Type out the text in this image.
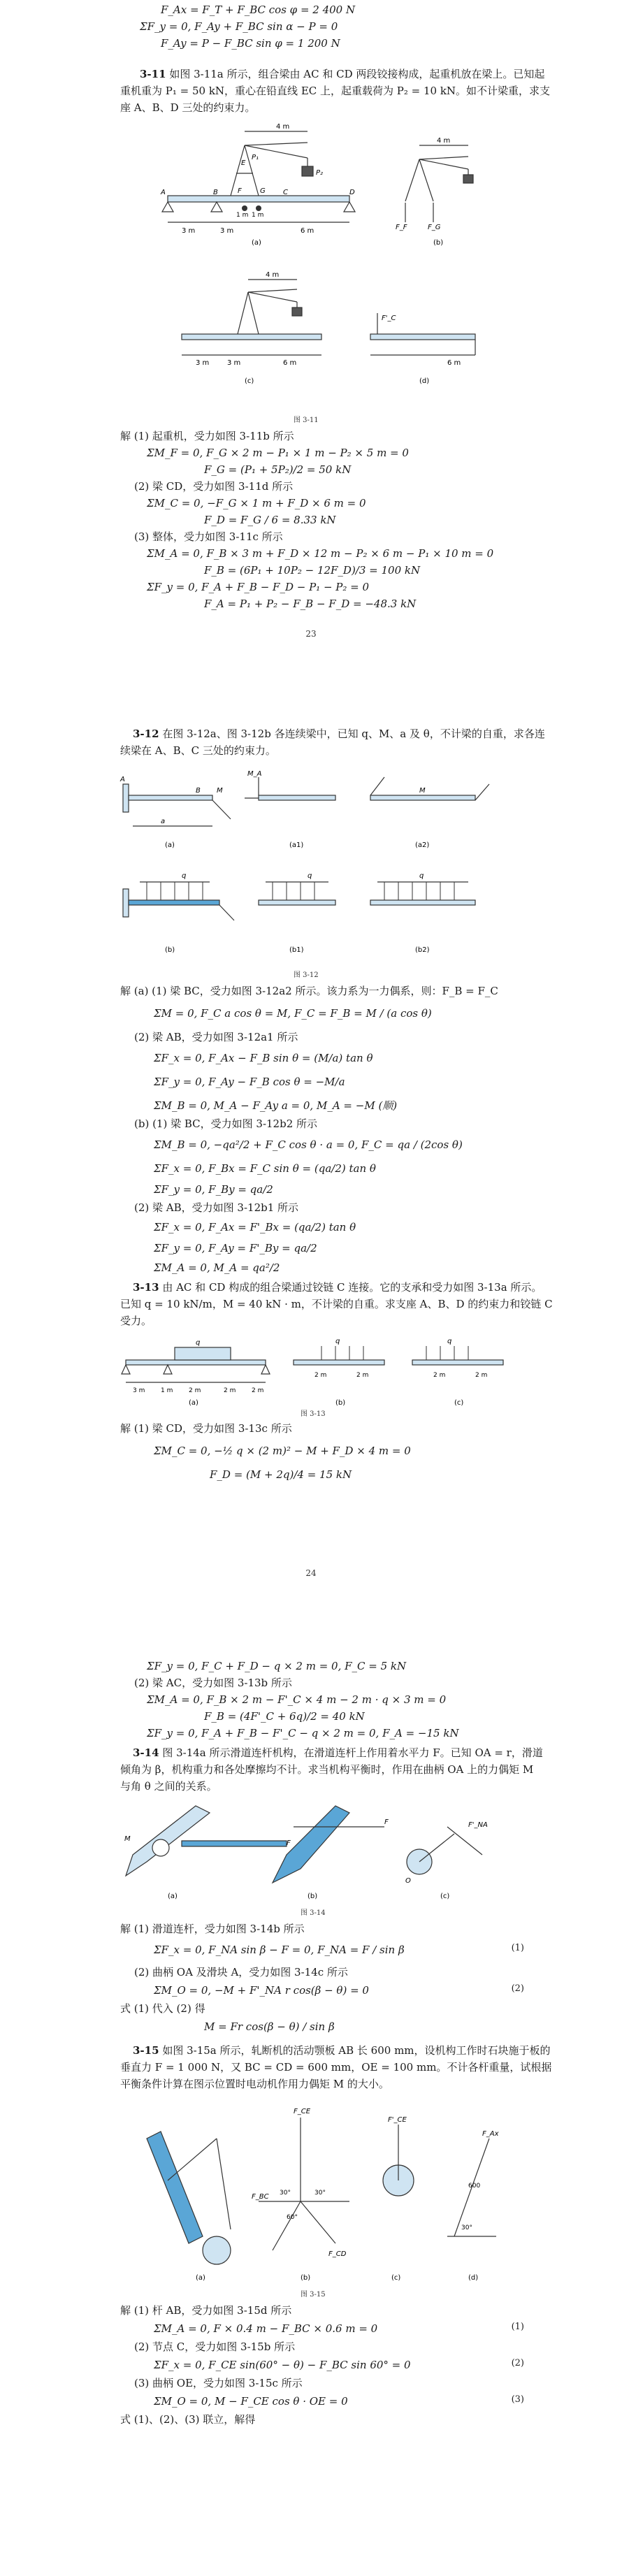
F_Ax = F_T + F_BC cos φ = 2 400 N
ΣF_y = 0, F_Ay + F_BC sin α − P = 0
F_Ay = P − F_BC sin φ = 1 200 N
3-11 如图 3-11a 所示，组合梁由 AC 和 CD 两段铰接构成，起重机放在梁上。已知起
重机重为 P₁ = 50 kN，重心在铅直线 EC 上，起重载荷为 P₂ = 10 kN。如不计梁重，求支
座 A、B、D 三处的约束力。
4 m
3 m	3 m	6 m
1 m 1 m
A	B	C	D
E
F	G
P₂
P₁
(a)
4 m
F_F	F_G
(b)
4 m
3 m	3 m	6 m
(c)
F'_C
6 m
(d)
图 3-11
解 (1) 起重机，受力如图 3-11b 所示
ΣM_F = 0, F_G × 2 m − P₁ × 1 m − P₂ × 5 m = 0
F_G = (P₁ + 5P₂)/2 = 50 kN
(2) 梁 CD，受力如图 3-11d 所示
ΣM_C = 0, −F_G × 1 m + F_D × 6 m = 0
F_D = F_G / 6 = 8.33 kN
(3) 整体，受力如图 3-11c 所示
ΣM_A = 0, F_B × 3 m + F_D × 12 m − P₂ × 6 m − P₁ × 10 m = 0
F_B = (6P₁ + 10P₂ − 12F_D)/3 = 100 kN
ΣF_y = 0, F_A + F_B − F_D − P₁ − P₂ = 0
F_A = P₁ + P₂ − F_B − F_D = −48.3 kN
23
3-12 在图 3-12a、图 3-12b 各连续梁中，已知 q、M、a 及 θ，不计梁的自重，求各连
续梁在 A、B、C 三处的约束力。
a
B M
A
M_A
M
q	q	q
(a)	(a1)	(a2)
(b)	(b1)	(b2)
图 3-12
解 (a) (1) 梁 BC，受力如图 3-12a2 所示。该力系为一力偶系，则：F_B = F_C
ΣM = 0, F_C a cos θ = M, F_C = F_B = M / (a cos θ)
(2) 梁 AB，受力如图 3-12a1 所示
ΣF_x = 0, F_Ax − F_B sin θ = (M/a) tan θ
ΣF_y = 0, F_Ay − F_B cos θ = −M/a
ΣM_B = 0, M_A − F_Ay a = 0, M_A = −M (顺)
(b) (1) 梁 BC，受力如图 3-12b2 所示
ΣM_B = 0, −qa²/2 + F_C cos θ · a = 0, F_C = qa / (2cos θ)
ΣF_x = 0, F_Bx = F_C sin θ = (qa/2) tan θ
ΣF_y = 0, F_By = qa/2
(2) 梁 AB，受力如图 3-12b1 所示
ΣF_x = 0, F_Ax = F'_Bx = (qa/2) tan θ
ΣF_y = 0, F_Ay = F'_By = qa/2
ΣM_A = 0, M_A = qa²/2
3-13 由 AC 和 CD 构成的组合梁通过铰链 C 连接。它的支承和受力如图 3-13a 所示。
已知 q = 10 kN/m，M = 40 kN · m，不计梁的自重。求支座 A、B、D 的约束力和铰链 C
受力。
q	q	q
3 m	1 m	2 m	2 m	2 m
2 m	2 m	2 m	2 m
(a)	(b)	(c)
图 3-13
解 (1) 梁 CD，受力如图 3-13c 所示
ΣM_C = 0, −½ q × (2 m)² − M + F_D × 4 m = 0
F_D = (M + 2q)/4 = 15 kN
24
ΣF_y = 0, F_C + F_D − q × 2 m = 0, F_C = 5 kN
(2) 梁 AC，受力如图 3-13b 所示
ΣM_A = 0, F_B × 2 m − F'_C × 4 m − 2 m · q × 3 m = 0
F_B = (4F'_C + 6q)/2 = 40 kN
ΣF_y = 0, F_A + F_B − F'_C − q × 2 m = 0, F_A = −15 kN
3-14 图 3-14a 所示滑道连杆机构，在滑道连杆上作用着水平力 F。已知 OA = r，滑道
倾角为 β，机构重力和各处摩擦均不计。求当机构平衡时，作用在曲柄 OA 上的力偶矩 M
与角 θ 之间的关系。
M
F
F
O
F'_NA
(a)	(b)	(c)
图 3-14
解 (1) 滑道连杆，受力如图 3-14b 所示
ΣF_x = 0, F_NA sin β − F = 0, F_NA = F / sin β	(1)
(2) 曲柄 OA 及滑块 A，受力如图 3-14c 所示
ΣM_O = 0, −M + F'_NA r cos(β − θ) = 0	(2)
式 (1) 代入 (2) 得
M = Fr cos(β − θ) / sin β
3-15 如图 3-15a 所示，轧断机的活动颚板 AB 长 600 mm，设机构工作时石块施于板的
垂直力 F = 1 000 N，又 BC = CD = 600 mm，OE = 100 mm。不计各杆重量，试根据
平衡条件计算在图示位置时电动机作用力偶矩 M 的大小。
F_CE
F_BC
F_CD
30°	30°
60°
F'_CE
600
30°
F_Ax
(a)	(b)	(c)	(d)
图 3-15
解 (1) 杆 AB，受力如图 3-15d 所示
ΣM_A = 0, F × 0.4 m − F_BC × 0.6 m = 0	(1)
(2) 节点 C，受力如图 3-15b 所示
ΣF_x = 0, F_CE sin(60° − θ) − F_BC sin 60° = 0	(2)
(3) 曲柄 OE，受力如图 3-15c 所示
ΣM_O = 0, M − F_CE cos θ · OE = 0	(3)
式 (1)、(2)、(3) 联立，解得
